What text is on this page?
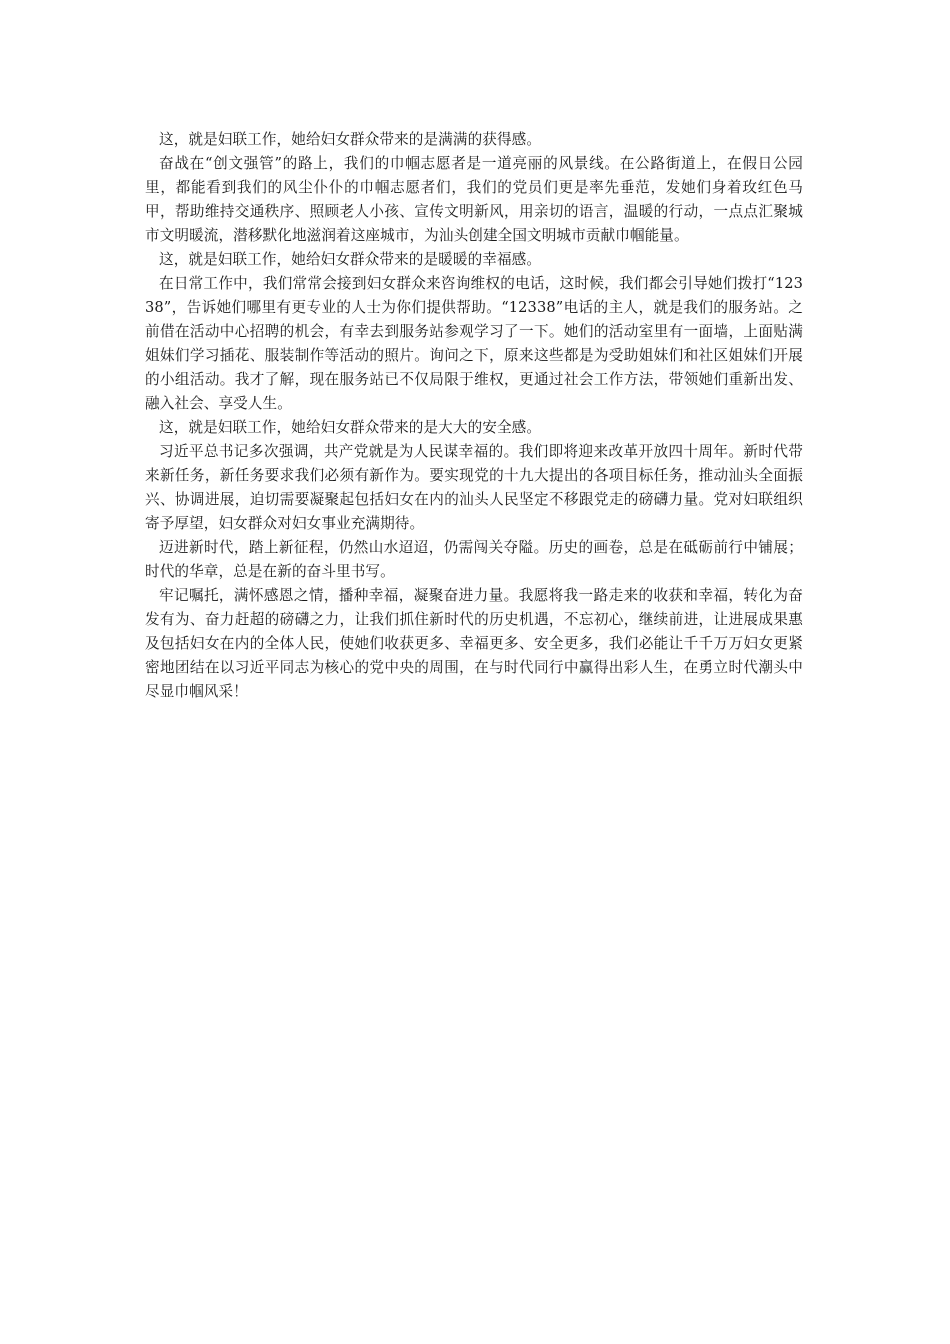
这，就是妇联工作，她给妇女群众带来的是满满的获得感。

奋战在“创文强管”的路上，我们的巾帼志愿者是一道亮丽的风景线。在公路街道上，在假日公园里，都能看到我们的风尘仆仆的巾帼志愿者们，我们的党员们更是率先垂范，发她们身着玫红色马甲，帮助维持交通秩序、照顾老人小孩、宣传文明新风，用亲切的语言，温暖的行动，一点点汇聚城市文明暖流，潜移默化地滋润着这座城市，为汕头创建全国文明城市贡献巾帼能量。

这，就是妇联工作，她给妇女群众带来的是暖暖的幸福感。

在日常工作中，我们常常会接到妇女群众来咨询维权的电话，这时候，我们都会引导她们拨打“12338”，告诉她们哪里有更专业的人士为你们提供帮助。“12338”电话的主人，就是我们的服务站。之前借在活动中心招聘的机会，有幸去到服务站参观学习了一下。她们的活动室里有一面墙，上面贴满姐妹们学习插花、服装制作等活动的照片。询问之下，原来这些都是为受助姐妹们和社区姐妹们开展的小组活动。我才了解，现在服务站已不仅局限于维权，更通过社会工作方法，带领她们重新出发、融入社会、享受人生。

这，就是妇联工作，她给妇女群众带来的是大大的安全感。

习近平总书记多次强调，共产党就是为人民谋幸福的。我们即将迎来改革开放四十周年。新时代带来新任务，新任务要求我们必须有新作为。要实现党的十九大提出的各项目标任务，推动汕头全面振兴、协调进展，迫切需要凝聚起包括妇女在内的汕头人民坚定不移跟党走的磅礴力量。党对妇联组织寄予厚望，妇女群众对妇女事业充满期待。

迈进新时代，踏上新征程，仍然山水迢迢，仍需闯关夺隘。历史的画卷，总是在砥砺前行中铺展；时代的华章，总是在新的奋斗里书写。

牢记嘱托，满怀感恩之情，播种幸福，凝聚奋进力量。我愿将我一路走来的收获和幸福，转化为奋发有为、奋力赶超的磅礴之力，让我们抓住新时代的历史机遇，不忘初心，继续前进，让进展成果惠及包括妇女在内的全体人民，使她们收获更多、幸福更多、安全更多，我们必能让千千万万妇女更紧密地团结在以习近平同志为核心的党中央的周围，在与时代同行中赢得出彩人生，在勇立时代潮头中尽显巾帼风采！
